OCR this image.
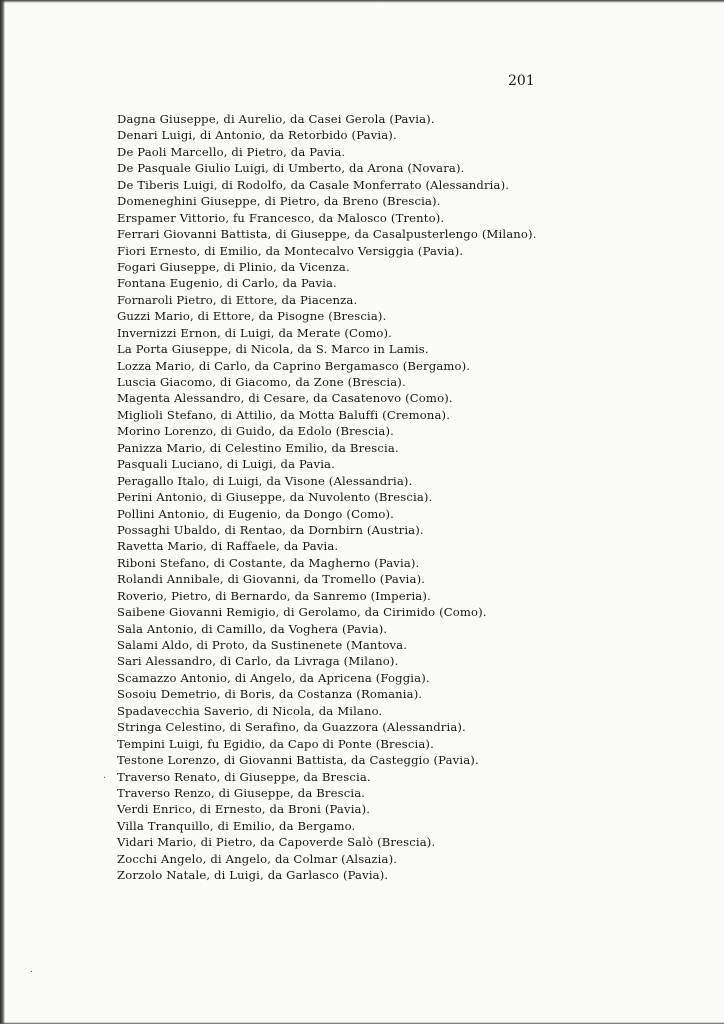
201
Dagna Giuseppe, di Aurelio, da Casei Gerola (Pavia).
Denari Luigi, di Antonio, da Retorbido (Pavia).
De Paoli Marcello, di Pietro, da Pavia.
De Pasquale Giulio Luigi, di Umberto, da Arona (Novara).
De Tiberis Luigi, di Rodolfo, da Casale Monferrato (Alessandria).
Domeneghini Giuseppe, di Pietro, da Breno (Brescia).
Erspamer Vittorio, fu Francesco, da Malosco (Trento).
Ferrari Giovanni Battista, di Giuseppe, da Casalpusterlengo (Milano).
Fiori Ernesto, di Emilio, da Montecalvo Versiggia (Pavia).
Fogari Giuseppe, di Plinio, da Vicenza.
Fontana Eugenio, di Carlo, da Pavia.
Fornaroli Pietro, di Ettore, da Piacenza.
Guzzi Mario, di Ettore, da Pisogne (Brescia).
Invernizzi Ernon, di Luigi, da Merate (Como).
La Porta Giuseppe, di Nicola, da S. Marco in Lamis.
Lozza Mario, di Carlo, da Caprino Bergamasco (Bergamo).
Luscia Giacomo, di Giacomo, da Zone (Brescia).
Magenta Alessandro, di Cesare, da Casatenovo (Como).
Miglioli Stefano, di Attilio, da Motta Baluffi (Cremona).
Morino Lorenzo, di Guido, da Edolo (Brescia).
Panizza Mario, di Celestino Emilio, da Brescia.
Pasquali Luciano, di Luigi, da Pavia.
Peragallo Italo, di Luigi, da Visone (Alessandria).
Perini Antonio, di Giuseppe, da Nuvolento (Brescia).
Pollini Antonio, di Eugenio, da Dongo (Como).
Possaghi Ubaldo, di Rentao, da Dornbirn (Austria).
Ravetta Mario, di Raffaele, da Pavia.
Riboni Stefano, di Costante, da Magherno (Pavia).
Rolandi Annibale, di Giovanni, da Tromello (Pavia).
Roverio, Pietro, di Bernardo, da Sanremo (Imperia).
Saibene Giovanni Remigio, di Gerolamo, da Cirimido (Como).
Sala Antonio, di Camillo, da Voghera (Pavia).
Salami Aldo, di Proto, da Sustinenete (Mantova.
Sari Alessandro, di Carlo, da Livraga (Milano).
Scamazzo Antonio, di Angelo, da Apricena (Foggia).
Sosoiu Demetrio, di Boris, da Costanza (Romania).
Spadavecchia Saverio, di Nicola, da Milano.
Stringa Celestino, di Serafino, da Guazzora (Alessandria).
Tempini Luigi, fu Egidio, da Capo di Ponte (Brescia).
Testone Lorenzo, di Giovanni Battista, da Casteggio (Pavia).
Traverso Renato, di Giuseppe, da Brescia.
Traverso Renzo, di Giuseppe, da Brescia.
Verdi Enrico, di Ernesto, da Broni (Pavia).
Villa Tranquillo, di Emilio, da Bergamo.
Vidari Mario, di Pietro, da Capoverde Salò (Brescia).
Zocchi Angelo, di Angelo, da Colmar (Alsazia).
Zorzolo Natale, di Luigi, da Garlasco (Pavia).
·
.
